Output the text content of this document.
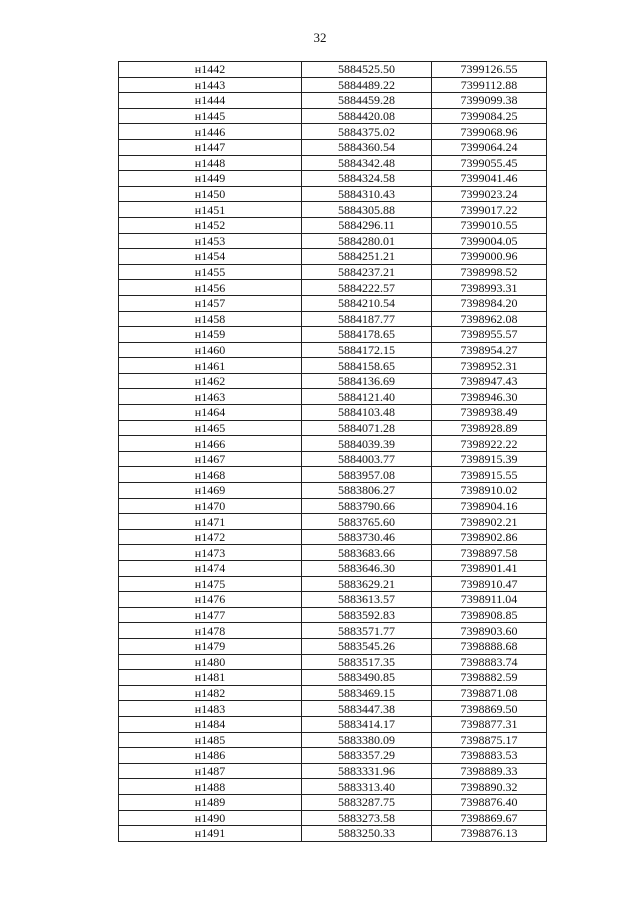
32
н1442	5884525.50	7399126.55
н1443	5884489.22	7399112.88
н1444	5884459.28	7399099.38
н1445	5884420.08	7399084.25
н1446	5884375.02	7399068.96
н1447	5884360.54	7399064.24
н1448	5884342.48	7399055.45
н1449	5884324.58	7399041.46
н1450	5884310.43	7399023.24
н1451	5884305.88	7399017.22
н1452	5884296.11	7399010.55
н1453	5884280.01	7399004.05
н1454	5884251.21	7399000.96
н1455	5884237.21	7398998.52
н1456	5884222.57	7398993.31
н1457	5884210.54	7398984.20
н1458	5884187.77	7398962.08
н1459	5884178.65	7398955.57
н1460	5884172.15	7398954.27
н1461	5884158.65	7398952.31
н1462	5884136.69	7398947.43
н1463	5884121.40	7398946.30
н1464	5884103.48	7398938.49
н1465	5884071.28	7398928.89
н1466	5884039.39	7398922.22
н1467	5884003.77	7398915.39
н1468	5883957.08	7398915.55
н1469	5883806.27	7398910.02
н1470	5883790.66	7398904.16
н1471	5883765.60	7398902.21
н1472	5883730.46	7398902.86
н1473	5883683.66	7398897.58
н1474	5883646.30	7398901.41
н1475	5883629.21	7398910.47
н1476	5883613.57	7398911.04
н1477	5883592.83	7398908.85
н1478	5883571.77	7398903.60
н1479	5883545.26	7398888.68
н1480	5883517.35	7398883.74
н1481	5883490.85	7398882.59
н1482	5883469.15	7398871.08
н1483	5883447.38	7398869.50
н1484	5883414.17	7398877.31
н1485	5883380.09	7398875.17
н1486	5883357.29	7398883.53
н1487	5883331.96	7398889.33
н1488	5883313.40	7398890.32
н1489	5883287.75	7398876.40
н1490	5883273.58	7398869.67
н1491	5883250.33	7398876.13
